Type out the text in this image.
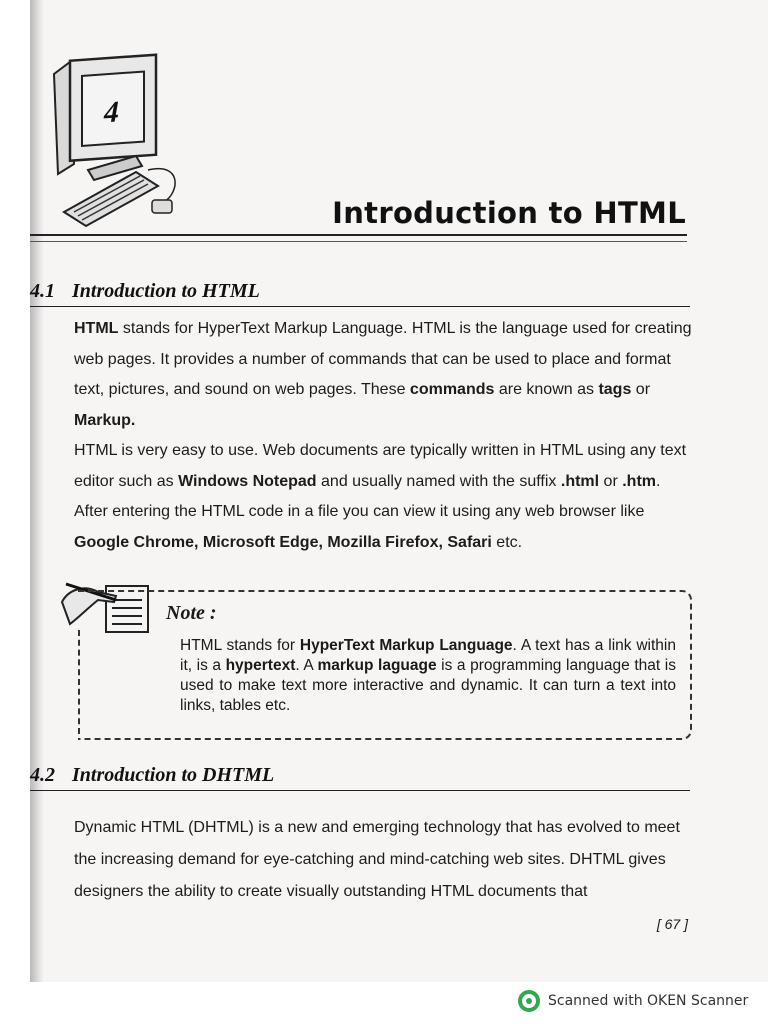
4
Introduction to HTML
4.1 Introduction to HTML

HTML stands for HyperText Markup Language. HTML is the language used for creating web pages. It provides a number of commands that can be used to place and format text, pictures, and sound on web pages. These commands are known as tags or Markup.

HTML is very easy to use. Web documents are typically written in HTML using any text editor such as Windows Notepad and usually named with the suffix .html or .htm. After entering the HTML code in a file you can view it using any web browser like Google Chrome, Microsoft Edge, Mozilla Firefox, Safari etc.

Note :
HTML stands for HyperText Markup Language. A text has a link within it, is a hypertext. A markup laguage is a programming language that is used to make text more interactive and dynamic. It can turn a text into links, tables etc.
4.2 Introduction to DHTML

Dynamic HTML (DHTML) is a new and emerging technology that has evolved to meet the increasing demand for eye-catching and mind-catching web sites. DHTML gives designers the ability to create visually outstanding HTML documents that

[ 67 ]
Scanned with OKEN Scanner
